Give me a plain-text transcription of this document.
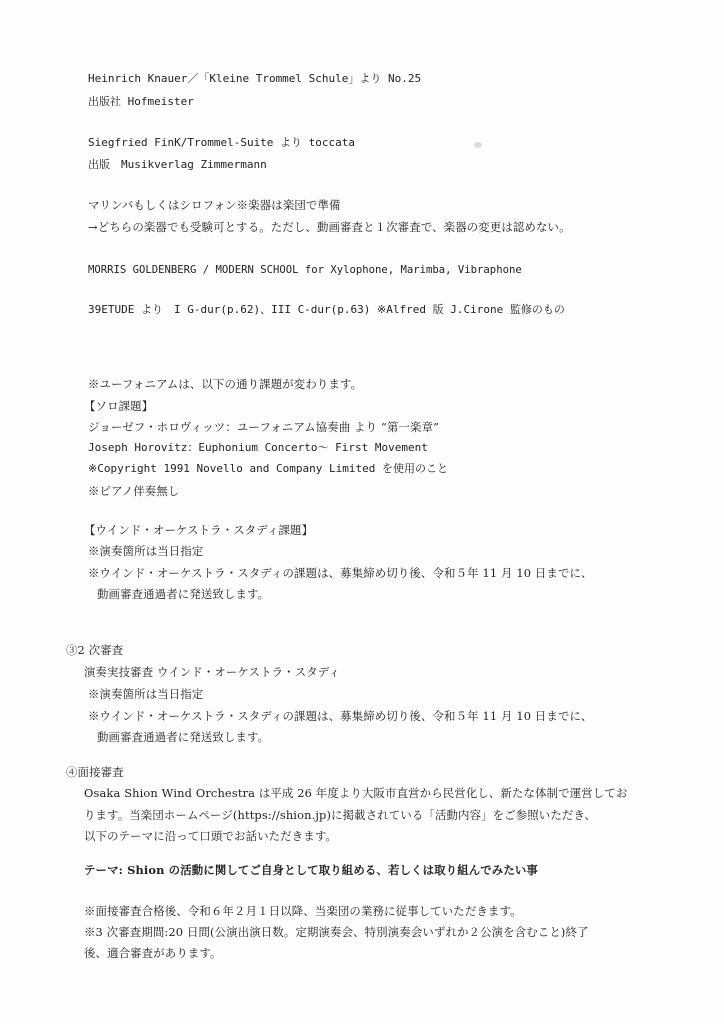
Heinrich Knauer／「Kleine Trommel Schule」より No.25
出版社 Hofmeister
Siegfried FinK/Trommel-Suite より toccata
出版　Musikverlag Zimmermann
マリンバもしくはシロフォン※楽器は楽団で準備
→どちらの楽器でも受験可とする。ただし、動画審査と１次審査で、楽器の変更は認めない。
MORRIS GOLDENBERG / MODERN SCHOOL for Xylophone, Marimba, Vibraphone
39ETUDE より　I G-dur(p.62)、III C-dur(p.63) ※Alfred 版 J.Cirone 監修のもの
※ユーフォニアムは、以下の通り課題が変わります。
【ソロ課題】
ジョーゼフ・ホロヴィッツ：ユーフォニアム協奏曲 より “第一楽章”
Joseph Horovitz：Euphonium Concerto～ First Movement
※Copyright 1991 Novello and Company Limited を使用のこと
※ピアノ伴奏無し
【ウインド・オーケストラ・スタディ課題】
※演奏箇所は当日指定
※ウインド・オーケストラ・スタディの課題は、募集締め切り後、令和５年 11 月 10 日までに、
動画審査通過者に発送致します。
③2 次審査
演奏実技審査 ウインド・オーケストラ・スタディ
※演奏箇所は当日指定
※ウインド・オーケストラ・スタディの課題は、募集締め切り後、令和５年 11 月 10 日までに、
動画審査通過者に発送致します。
④面接審査
Osaka Shion Wind Orchestra は平成 26 年度より大阪市直営から民営化し、新たな体制で運営してお
ります。当楽団ホームページ(https://shion.jp)に掲載されている「活動内容」をご参照いただき、
以下のテーマに沿って口頭でお話いただきます。
テーマ: Shion の活動に関してご自身として取り組める、若しくは取り組んでみたい事
※面接審査合格後、令和６年２月１日以降、当楽団の業務に従事していただきます。
※3 次審査期間:20 日間(公演出演日数。定期演奏会、特別演奏会いずれか２公演を含むこと)終了
後、適合審査があります。
